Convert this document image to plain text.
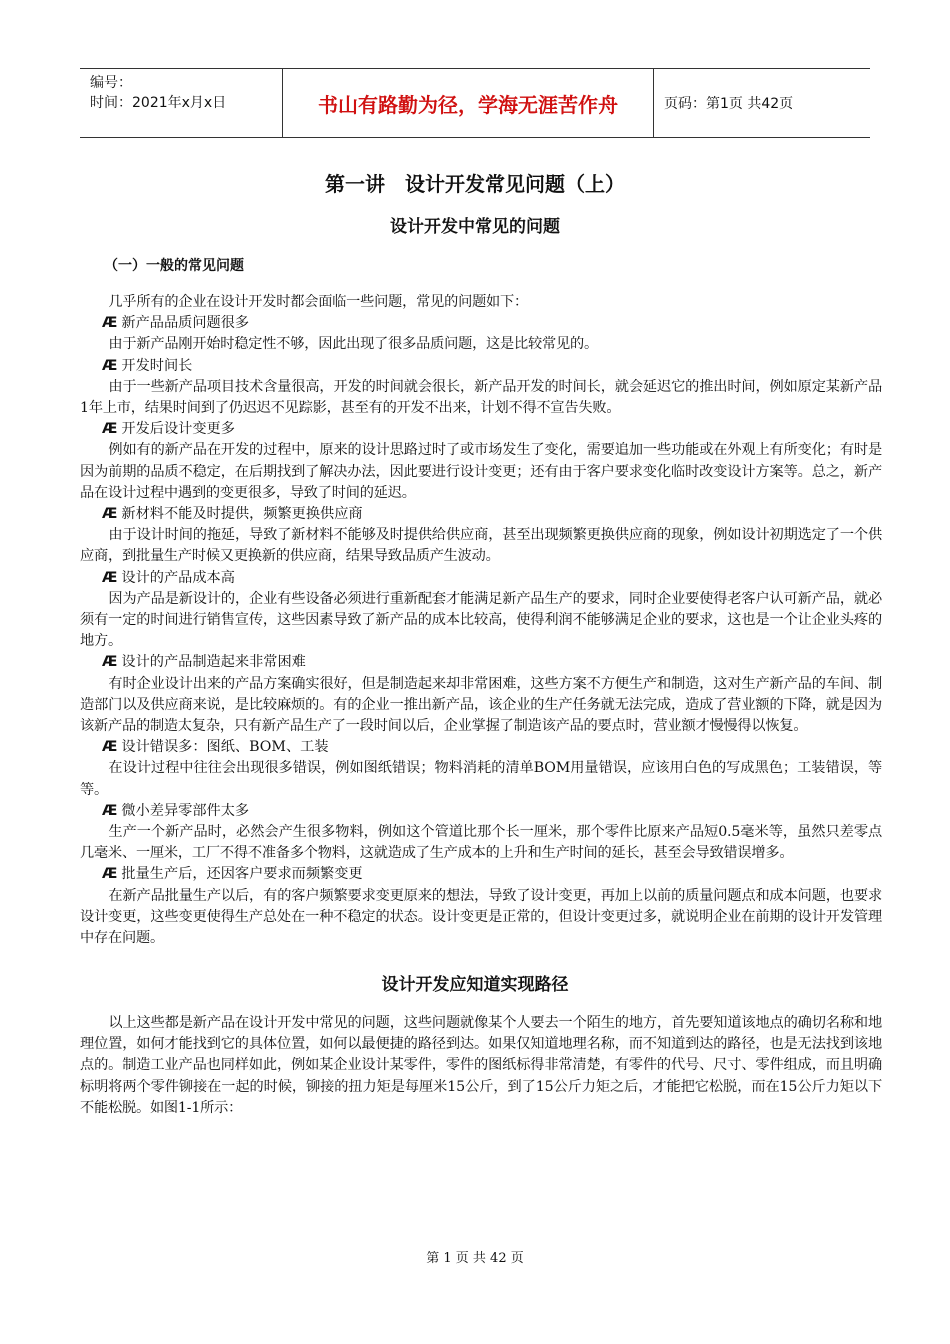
编号：
时间：2021年x月x日	书山有路勤为径，学海无涯苦作舟	页码：第1页 共42页
第一讲　设计开发常见问题（上）
设计开发中常见的问题
（一）一般的常见问题

几乎所有的企业在设计开发时都会面临一些问题，常见的问题如下：

Æ 新产品品质问题很多

由于新产品刚开始时稳定性不够，因此出现了很多品质问题，这是比较常见的。

Æ 开发时间长

由于一些新产品项目技术含量很高，开发的时间就会很长，新产品开发的时间长，就会延迟它的推出时间，例如原定某新产品1年上市，结果时间到了仍迟迟不见踪影，甚至有的开发不出来，计划不得不宣告失败。

Æ 开发后设计变更多

例如有的新产品在开发的过程中，原来的设计思路过时了或市场发生了变化，需要追加一些功能或在外观上有所变化；有时是因为前期的品质不稳定，在后期找到了解决办法，因此要进行设计变更；还有由于客户要求变化临时改变设计方案等。总之，新产品在设计过程中遇到的变更很多，导致了时间的延迟。

Æ 新材料不能及时提供，频繁更换供应商

由于设计时间的拖延，导致了新材料不能够及时提供给供应商，甚至出现频繁更换供应商的现象，例如设计初期选定了一个供应商，到批量生产时候又更换新的供应商，结果导致品质产生波动。

Æ 设计的产品成本高

因为产品是新设计的，企业有些设备必须进行重新配套才能满足新产品生产的要求，同时企业要使得老客户认可新产品，就必须有一定的时间进行销售宣传，这些因素导致了新产品的成本比较高，使得利润不能够满足企业的要求，这也是一个让企业头疼的地方。

Æ 设计的产品制造起来非常困难

有时企业设计出来的产品方案确实很好，但是制造起来却非常困难，这些方案不方便生产和制造，这对生产新产品的车间、制造部门以及供应商来说，是比较麻烦的。有的企业一推出新产品，该企业的生产任务就无法完成，造成了营业额的下降，就是因为该新产品的制造太复杂，只有新产品生产了一段时间以后，企业掌握了制造该产品的要点时，营业额才慢慢得以恢复。

Æ 设计错误多：图纸、BOM、工装

在设计过程中往往会出现很多错误，例如图纸错误；物料消耗的清单BOM用量错误，应该用白色的写成黑色；工装错误，等等。

Æ 微小差异零部件太多

生产一个新产品时，必然会产生很多物料，例如这个管道比那个长一厘米，那个零件比原来产品短0.5毫米等，虽然只差零点几毫米、一厘米，工厂不得不准备多个物料，这就造成了生产成本的上升和生产时间的延长，甚至会导致错误增多。

Æ 批量生产后，还因客户要求而频繁变更

在新产品批量生产以后，有的客户频繁要求变更原来的想法，导致了设计变更，再加上以前的质量问题点和成本问题，也要求设计变更，这些变更使得生产总处在一种不稳定的状态。设计变更是正常的，但设计变更过多，就说明企业在前期的设计开发管理中存在问题。

设计开发应知道实现路径

以上这些都是新产品在设计开发中常见的问题，这些问题就像某个人要去一个陌生的地方，首先要知道该地点的确切名称和地理位置，如何才能找到它的具体位置，如何以最便捷的路径到达。如果仅知道地理名称，而不知道到达的路径，也是无法找到该地点的。制造工业产品也同样如此，例如某企业设计某零件，零件的图纸标得非常清楚，有零件的代号、尺寸、零件组成，而且明确标明将两个零件铆接在一起的时候，铆接的扭力矩是每厘米15公斤，到了15公斤力矩之后，才能把它松脱，而在15公斤力矩以下不能松脱。如图1-1所示：

第 1 页 共 42 页
